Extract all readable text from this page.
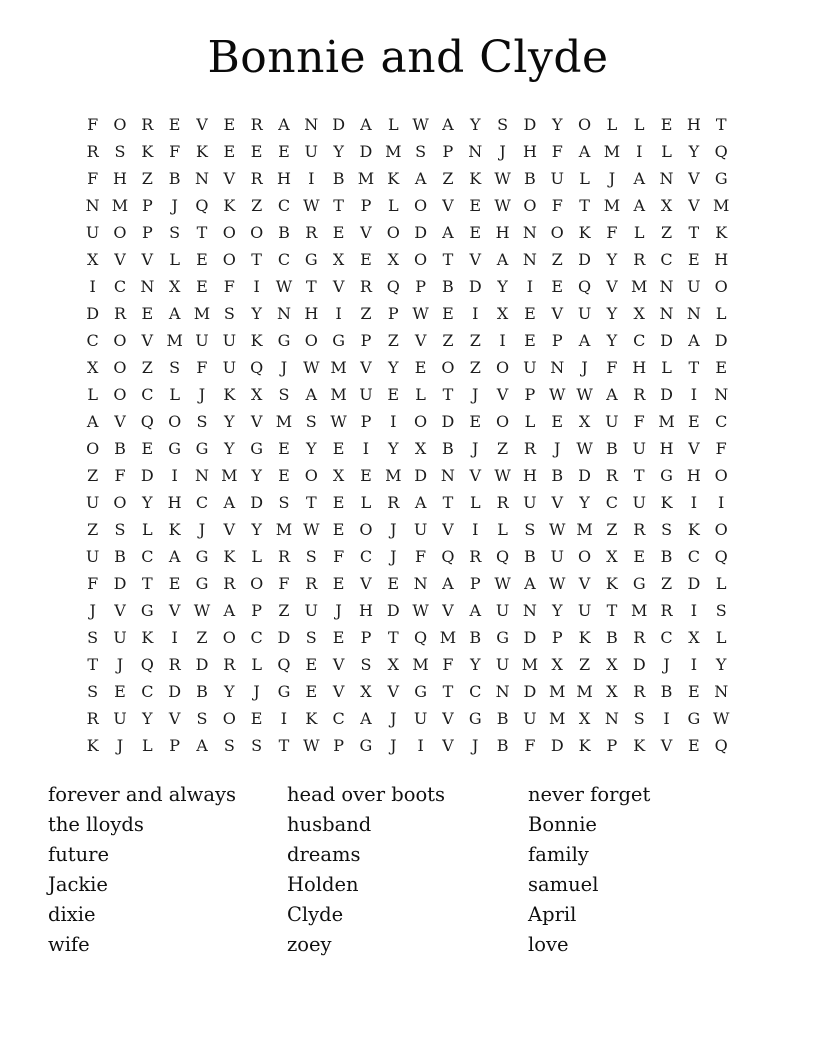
Bonnie and Clyde
F O R E V E R A N D A	L W A	Y	S D Y O L	L	E H T
R S K F K E E E U Y D M S	P N	J	H F A M I	L	Y Q
F H Z B N V R H	I	B M K A Z K W B U L	J	A N V G
N M P	J	Q K Z C W T	P	L O V E W O F	T M A X V M
U O P	S	T O O B R E V O D A E H N O K F	L	Z	T	K
X V V	L	E O T C G X E X O T	V A N Z D Y	R C E H
I	C N X E F	I W T	V R Q P	B D Y	I	E Q V M N U O
D R E A M S	Y N H	I	Z	P W E	I	X E V U Y	X N N L
C O V M U U K G O G P	Z V Z	Z	I	E	P	A	Y C D A D
X O Z	S	F U Q	J W M V	Y	E O Z O U N	J	F H L	T	E
L O C L	J	K X	S	A M U E	L	T	J	V	P W W A R D	I	N
A V Q O S	Y	V M S W P	I	O D E O L	E X U F M E C
O B E G G Y G E	Y	E	I	Y	X B	J	Z R	J W B U H V	F
Z	F D	I	N M Y	E O X E M D N V W H B D R T G H O
U O Y H C A D S	T	E	L	R A	T	L	R U V	Y C U K	I	I
Z	S	L	K	J	V	Y M W E O	J	U V	I	L	S W M Z R S K O
U B C A G K	L	R S	F C	J	F Q R Q B U O X E B C Q
F D T	E G R O F R E V E N A	P W A W V K G Z D L
J	V G V W A	P	Z U	J	H D W V A U N Y U T M R	I	S
S U K	I	Z O C D S	E	P	T Q M B G D P K B R C X	L
T	J	Q R D R L Q E V	S	X M F	Y U M X	Z	X D	J	I	Y
S	E C D B	Y	J	G E V X V G T C N D M M X R B E N
R U Y	V	S O E	I	K C A	J	U V G B U M X N S	I	G W
K	J	L	P	A	S	S	T W P G	J	I	V	J	B F D K P K V E Q
forever and always
the lloyds
future
Jackie
dixie
wife
head over boots
husband
dreams
Holden
Clyde
zoey
never forget
Bonnie
family
samuel
April
love
